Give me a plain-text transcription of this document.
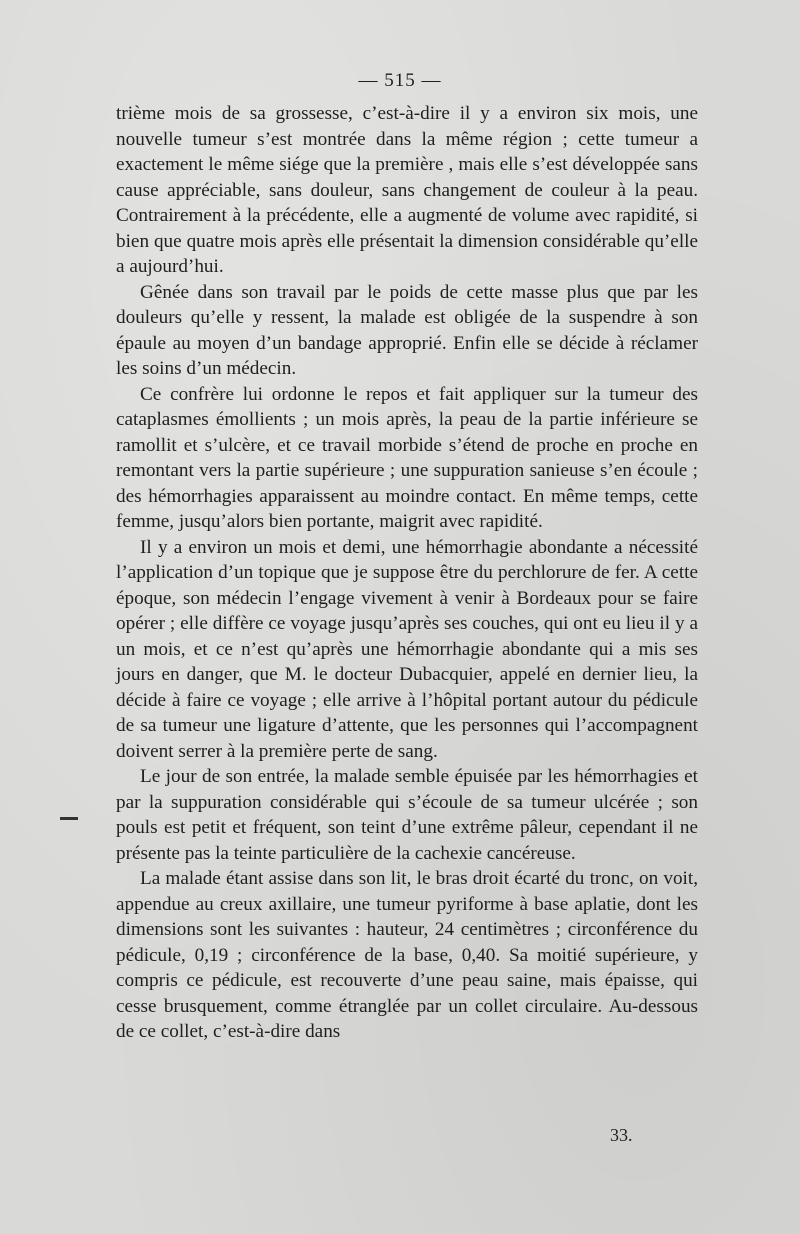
— 515 —

trième mois de sa grossesse, c’est-à-dire il y a environ six mois, une nouvelle tumeur s’est montrée dans la même région ; cette tumeur a exactement le même siége que la première , mais elle s’est développée sans cause appréciable, sans douleur, sans changement de couleur à la peau. Contrairement à la précédente, elle a augmenté de volume avec rapidité, si bien que quatre mois après elle présentait la dimension considérable qu’elle a aujourd’hui.

Gênée dans son travail par le poids de cette masse plus que par les douleurs qu’elle y ressent, la malade est obligée de la suspendre à son épaule au moyen d’un bandage approprié. Enfin elle se décide à réclamer les soins d’un médecin.

Ce confrère lui ordonne le repos et fait appliquer sur la tumeur des cataplasmes émollients ; un mois après, la peau de la partie inférieure se ramollit et s’ulcère, et ce travail morbide s’étend de proche en proche en remontant vers la partie supérieure ; une suppuration sanieuse s’en écoule ; des hémorrhagies apparaissent au moindre contact. En même temps, cette femme, jusqu’alors bien portante, maigrit avec rapidité.

Il y a environ un mois et demi, une hémorrhagie abondante a nécessité l’application d’un topique que je suppose être du perchlorure de fer. A cette époque, son médecin l’engage vivement à venir à Bordeaux pour se faire opérer ; elle diffère ce voyage jusqu’après ses couches, qui ont eu lieu il y a un mois, et ce n’est qu’après une hémorrhagie abondante qui a mis ses jours en danger, que M. le docteur Dubacquier, appelé en dernier lieu, la décide à faire ce voyage ; elle arrive à l’hôpital portant autour du pédicule de sa tumeur une ligature d’attente, que les personnes qui l’accompagnent doivent serrer à la première perte de sang.

Le jour de son entrée, la malade semble épuisée par les hémorrhagies et par la suppuration considérable qui s’écoule de sa tumeur ulcérée ; son pouls est petit et fréquent, son teint d’une extrême pâleur, cependant il ne présente pas la teinte particulière de la cachexie cancéreuse.

La malade étant assise dans son lit, le bras droit écarté du tronc, on voit, appendue au creux axillaire, une tumeur pyriforme à base aplatie, dont les dimensions sont les suivantes : hauteur, 24 centimètres ; circonférence du pédicule, 0,19 ; circonférence de la base, 0,40. Sa moitié supérieure, y compris ce pédicule, est recouverte d’une peau saine, mais épaisse, qui cesse brusquement, comme étranglée par un collet circulaire. Au-dessous de ce collet, c’est-à-dire dans

33.
